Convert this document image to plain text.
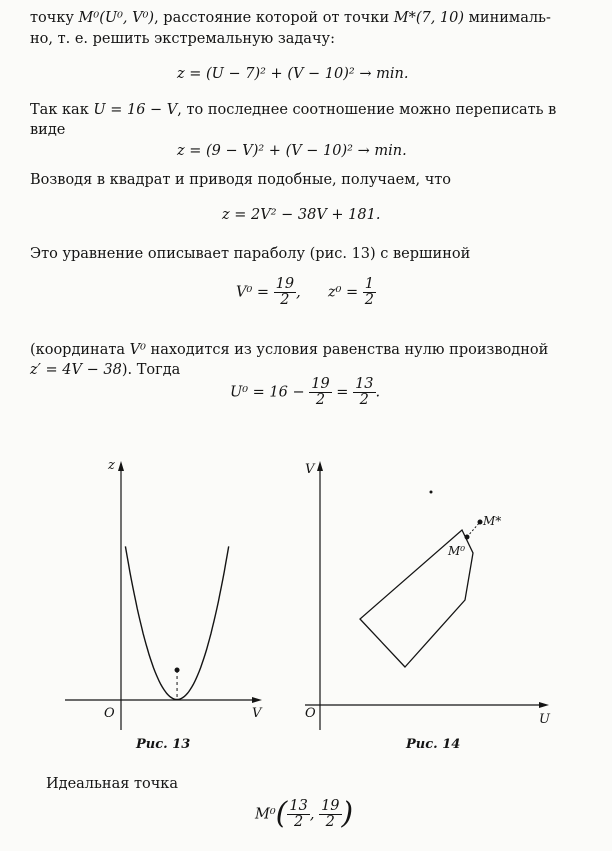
точку M⁰(U⁰, V⁰), расстояние которой от точки M*(7, 10) минималь-
но, т. е. решить экстремальную задачу:
z = (U − 7)² + (V − 10)² → min.
Так как U = 16 − V, то последнее соотношение можно переписать в
виде
z = (9 − V)² + (V − 10)² → min.
Возводя в квадрат и приводя подобные, получаем, что
z = 2V² − 38V + 181.
Это уравнение описывает параболу (рис. 13) с вершиной
$V^0 = \frac{19}{2}$ ,  $z^0 = \frac{1}{2}$
(координата V⁰ находится из условия равенства нулю производной
z′ = 4V − 38). Тогда
$U^0 = 16 - \frac{19}{2} = \frac{13}{2}$ .
z
O	V
Рис. 13
V
O	U
M⁰
M*
Рис. 14
Идеальная точка
$M^0( \frac{13}{2}$ , $\frac{19}{2}$ )
